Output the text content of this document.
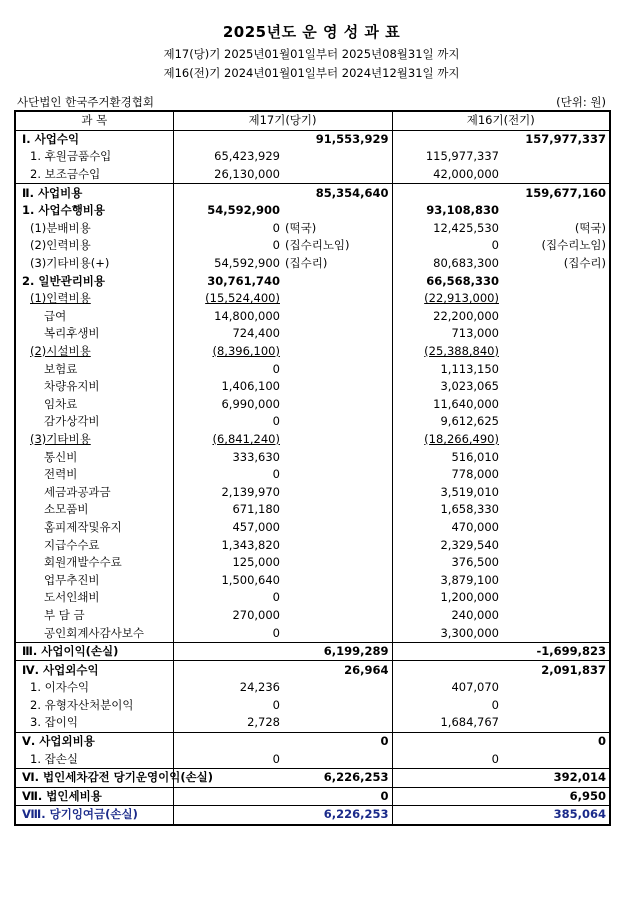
2025년도 운 영 성 과 표
제17(당)기 2025년01월01일부터 2025년08월31일 까지
제16(전)기 2024년01월01일부터 2024년12월31일 까지
사단법인 한국주거환경협회	(단위: 원)
과 목	제17기(당기)			제16기(전기)		
Ⅰ. 사업수익			91,553,929			157,977,337
1. 후원금품수입	65,423,929			115,977,337		
2. 보조금수입	26,130,000			42,000,000		
Ⅱ. 사업비용			85,354,640			159,677,160
1. 사업수행비용	54,592,900			93,108,830		
(1)분배비용	0	(떡국)		12,425,530		(떡국)
(2)인력비용	0	(집수리노임)		0		(집수리노임)
(3)기타비용(+)	54,592,900	(집수리)		80,683,300		(집수리)
2. 일반관리비용	30,761,740			66,568,330		
(1)인력비용	(15,524,400)			(22,913,000)		
급여	14,800,000			22,200,000		
복리후생비	724,400			713,000		
(2)시설비용	(8,396,100)			(25,388,840)		
보험료	0			1,113,150		
차량유지비	1,406,100			3,023,065		
임차료	6,990,000			11,640,000		
감가상각비	0			9,612,625		
(3)기타비용	(6,841,240)			(18,266,490)		
통신비	333,630			516,010		
전력비	0			778,000		
세금과공과금	2,139,970			3,519,010		
소모품비	671,180			1,658,330		
홈피제작및유지	457,000			470,000		
지급수수료	1,343,820			2,329,540		
회원개발수수료	125,000			376,500		
업무추진비	1,500,640			3,879,100		
도서인쇄비	0			1,200,000		
부 담 금	270,000			240,000		
공인회계사감사보수	0			3,300,000		
Ⅲ. 사업이익(손실)			6,199,289			-1,699,823
Ⅳ. 사업외수익			26,964			2,091,837
1. 이자수익	24,236			407,070		
2. 유형자산처분이익	0			0		
3. 잡이익	2,728			1,684,767		
Ⅴ. 사업외비용			0			0
1. 잡손실	0			0		
Ⅵ. 법인세차감전 당기운영이익(손실)			6,226,253			392,014
Ⅶ. 법인세비용			0			6,950
Ⅷ. 당기잉여금(손실)			6,226,253			385,064
